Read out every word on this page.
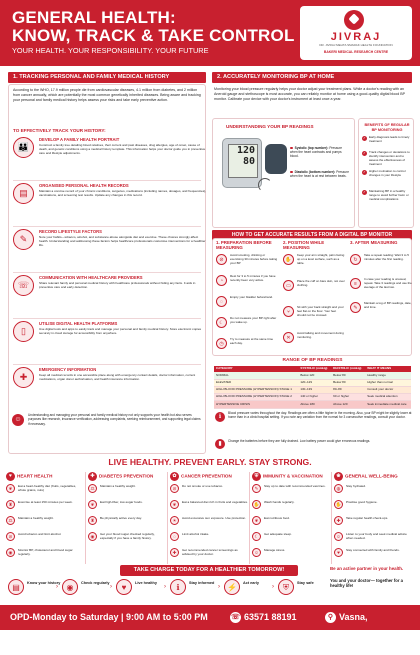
GENERAL HEALTH:
KNOW, TRACK & TAKE CONTROL
YOUR HEALTH. YOUR RESPONSIBILITY. YOUR FUTURE
JIVRAJ
DR. JIVRAJ MEHTA SMARAK HEALTH FOUNDATION
BAKERI MEDICAL RESEARCH CENTRE
1. TRACKING PERSONAL AND FAMILY MEDICAL HISTORY
According to the WHO, 17.9 million people die from cardiovascular diseases, 4.1 million from diabetes, and 2 million from cancer annually, which are potentially the most common genetically inherited diseases. Being aware and tracking your personal and family medical history helps assess your risks and take early preventive action.
TO EFFECTIVELY TRACK YOUR HISTORY:
👪
DEVELOP A FAMILY HEALTH PORTRAIT
Construct a family tree detailing blood relatives, their current and past diseases, drug allergies, age of onset, cause of death, and genetic conditions using a medical history template. This information helps your doctor guide you in preventive care and lifestyle adjustments.
▤
ORGANISED PERSONAL HEALTH RECORDS
Maintain a concise record of your chronic conditions, surgeries, medications (including names, dosages, and frequencies), vaccinations, and screening test results. Update any changes in this record.
✎
RECORD LIFESTYLE FACTORS
Note your habits—tobacco, alcohol, and substance abuse alongside diet and exercise. These choices strongly affect health. Understanding and addressing these factors helps healthcare professionals customise interventions for a healthier life.
☏
COMMUNICATION WITH HEALTHCARE PROVIDERS
Share relevant family and personal medical history with healthcare professionals without hiding any facts. It aids in preventive care and early detection.
▯
UTILISE DIGITAL HEALTH PLATFORMS
Use digital tools and apps to easily track and manage your personal and family medical history. Store electronic copies securely in cloud storage for accessibility from anywhere.
✚
EMERGENCY INFORMATION
Keep all medical records in one accessible place along with emergency contact details, doctor information, current medications, organ donor authorisation, and health insurance information.
☺
Understanding and managing your personal and family medical history not only supports your health but also serves purposes like research, insurance verification, addressing complaints, seeking reimbursement, and supporting legal claims if necessary.
2. ACCURATELY MONITORING BP AT HOME
Monitoring your blood pressure regularly helps your doctor adjust your treatment plans. While a doctor's reading with an Aneroid gauge and stethoscope is most accurate, you can reliably monitor at home using a good-quality digital blood BP monitor. Calibrate your device with your doctor's instrument at least once a year.
UNDERSTANDING YOUR BP READINGS
120
80
Systolic (top number): Pressure when the heart contracts and pumps blood.
Diastolic (bottom number): Pressure when the heart is at rest between beats.
BENEFITS OF REGULAR BP MONITORING
✓	Early diagnosis leads to timely treatment
✓	Track changes or deviations to identify intervention and to assess the effectiveness of treatment
✓	Higher motivation to control changes in your lifestyle
✓	Maintaining BP in a healthy range to avoid further harm or medical complications
HOW TO GET ACCURATE RESULTS FROM A DIGITAL BP MONITOR
1. PREPARATION BEFORE MEASURING
⊘
Avoid smoking, drinking or exercising 30 minutes before taking your BP
◔
Rest for 3 to 5 minutes if you have recently been very active.
◌
Empty your bladder beforehand.
☾
Do not measure your BP right after you wake up.
◷
Try to measure at the same time each day.
2. POSITION WHILE MEASURING
✋
Keep your arm straight, palm facing up on a level surface, such as a table.
▭
Place the cuff on bare skin, not over clothing.
⑂
Sit with your back straight and your feet flat on the floor. Your feet should not be crossed.
✕
Avoid talking and movement during monitoring.
3. AFTER MEASURING
↻
Take a repeat reading: Wait 3 to 5 minutes after the first reading.
≡
In case your reading is unusual, repeat. Take 3 readings and use the average of the last two.
✎
Maintain a log of BP readings, date, and time.
RANGE OF BP READINGS
CATEGORY	SYSTOLIC (mmHg)	DIASTOLIC (mmHg)	WHAT IT MEANS
NORMAL	Below 120	Below 80	Healthy range
ELEVATED	120–129	Below 80	Higher than normal
HIGH BLOOD PRESSURE (HYPERTENSION) STAGE 1	130–139	80–89	Consult your doctor
HIGH BLOOD PRESSURE (HYPERTENSION) STAGE 2	140 or higher	90 or higher	Seek medical attention
HYPERTENSIVE CRISIS	Above 180	Above 120	Seek immediate medical care
ℹ
Blood pressure varies throughout the day. Readings are often a little higher in the morning. Also, your BP might be slightly lower at home than in a clinic/hospital setting. If you note any variation from the normal for 3 consecutive readings, consult your doctor.
▮	Change the batteries before they are fully drained. Low battery power could give erroneous readings.
LIVE HEALTHY. PREVENT EARLY. STAY STRONG.
♥ HEART HEALTH
❦	Eat a heart-healthy diet (fruits, vegetables, whole grains, nuts)
♜	Exercise at least 150 minutes per week.
⚖	Maintain a healthy weight.
⊘	Avoid tobacco and limit alcohol.
◉	Monitor BP, cholesterol and blood sugar regularly.
✚ DIABETES PREVENTION
⚖	Maintain a healthy weight.
❦	Eat high-fiber, low-sugar foods.
♜	Be physically active every day.
◉	Get your blood sugar checked regularly, especially if you have a family history.
✿ CANCER PREVENTION
⊘	Do not smoke or use tobacco.
❦	Eat a balanced diet rich in fruits and vegetables.
☀	Avoid excessive sun exposure. Use protection.
◌	Limit alcohol intake.
✚	Get recommended cancer screenings as advised by your doctor.
⛨ IMMUNITY & VACCINATION
✎	Stay up to date with recommended vaccines.
✋	Wash hands regularly.
❦	Eat nutritious food.
☾	Get adequate sleep.
☺	Manage stress.
❀ GENERAL WELL-BEING
◍	Stay hydrated.
✋	Practise good hygiene.
✚	Take regular health check-ups.
☺	Listen to your body and seek medical advice when needed.
♥	Stay connected with family and friends.
TAKE CHARGE TODAY FOR A HEALTHIER TOMORROW!
▤	Know your history
›	◉	Check regularly
›	♥	Live healthy
›	ℹ	Stay informed
› ⚡	Act early
›	⛨	Stay safe
Be an active partner in your health.
You and your doctor— together for a healthy life!
OPD-Monday to Saturday | 9:00 AM to 5:00 PM	☏ 63571 88191	⚲ Vasna, Ahmedabad
